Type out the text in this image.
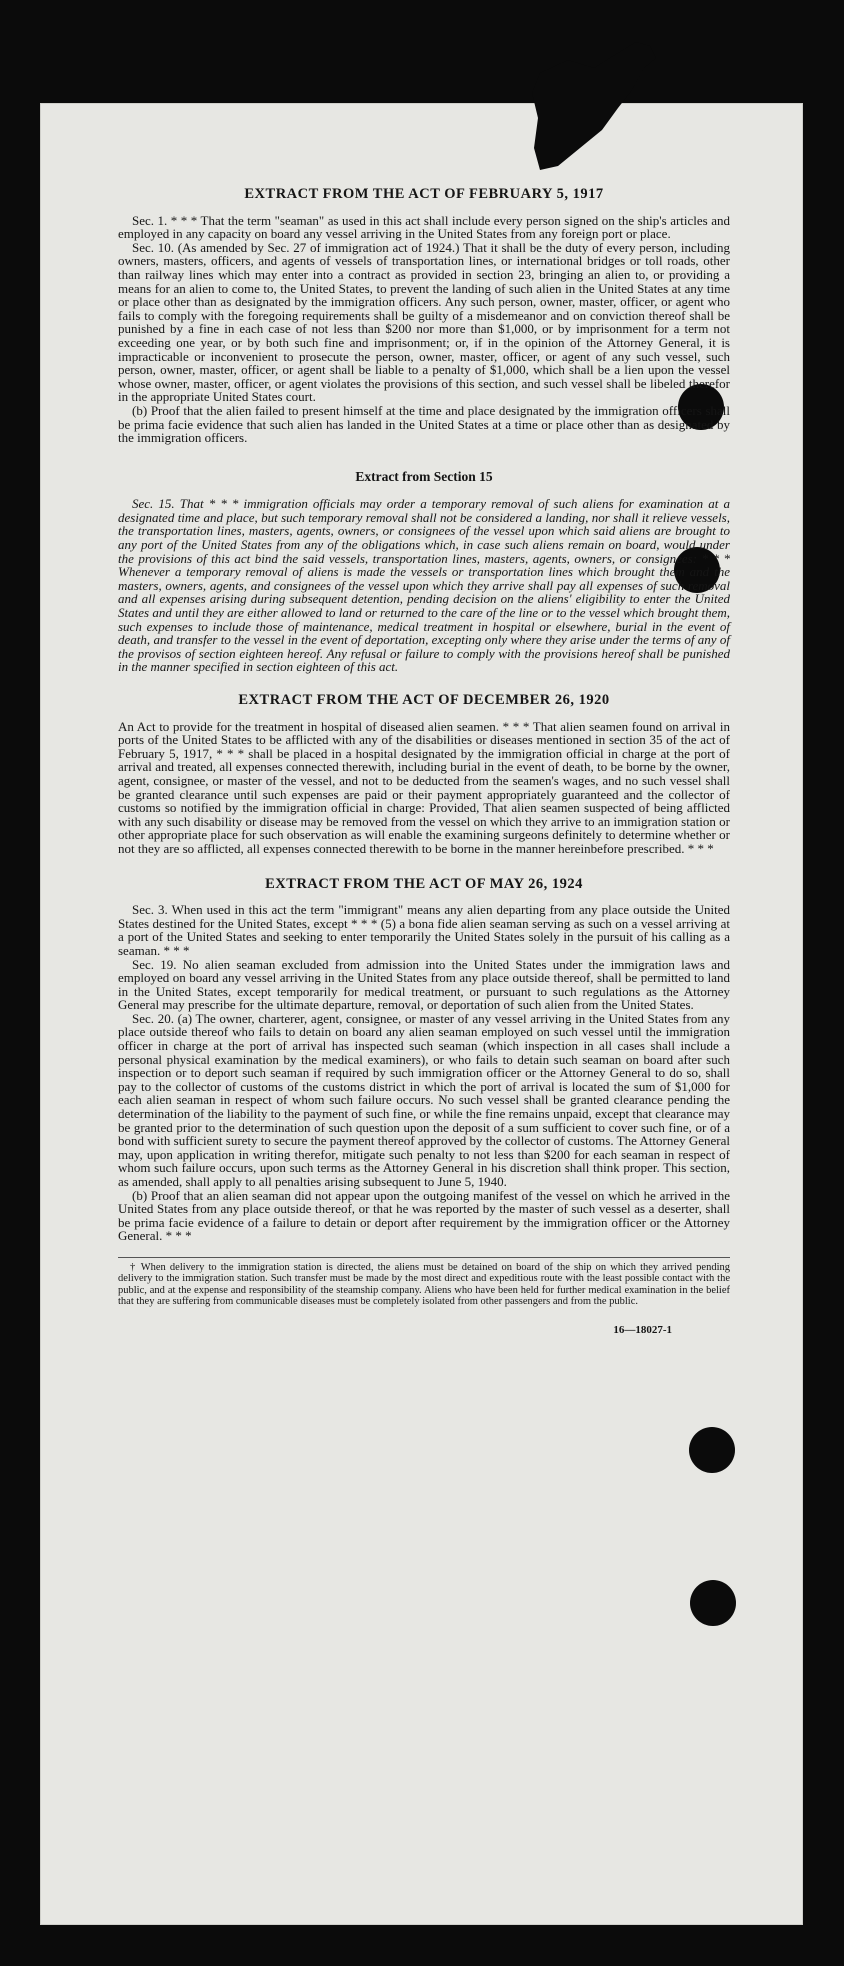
EXTRACT FROM THE ACT OF FEBRUARY 5, 1917

Sec. 1. * * * That the term "seaman" as used in this act shall include every person signed on the ship's articles and employed in any capacity on board any vessel arriving in the United States from any foreign port or place.

Sec. 10. (As amended by Sec. 27 of immigration act of 1924.) That it shall be the duty of every person, including owners, masters, officers, and agents of vessels of transportation lines, or international bridges or toll roads, other than railway lines which may enter into a contract as provided in section 23, bringing an alien to, or providing a means for an alien to come to, the United States, to prevent the landing of such alien in the United States at any time or place other than as designated by the immigration officers. Any such person, owner, master, officer, or agent who fails to comply with the foregoing requirements shall be guilty of a misdemeanor and on conviction thereof shall be punished by a fine in each case of not less than $200 nor more than $1,000, or by imprisonment for a term not exceeding one year, or by both such fine and imprisonment; or, if in the opinion of the Attorney General, it is impracticable or inconvenient to prosecute the person, owner, master, officer, or agent of any such vessel, such person, owner, master, officer, or agent shall be liable to a penalty of $1,000, which shall be a lien upon the vessel whose owner, master, officer, or agent violates the provisions of this section, and such vessel shall be libeled therefor in the appropriate United States court.

(b) Proof that the alien failed to present himself at the time and place designated by the immigration officers shall be prima facie evidence that such alien has landed in the United States at a time or place other than as designated by the immigration officers.

Extract from Section 15

Sec. 15. That * * * immigration officials may order a temporary removal of such aliens for examination at a designated time and place, but such temporary removal shall not be considered a landing, nor shall it relieve vessels, the transportation lines, masters, agents, owners, or consignees of the vessel upon which said aliens are brought to any port of the United States from any of the obligations which, in case such aliens remain on board, would under the provisions of this act bind the said vessels, transportation lines, masters, agents, owners, or consignees: * * * Whenever a temporary removal of aliens is made the vessels or transportation lines which brought them and the masters, owners, agents, and consignees of the vessel upon which they arrive shall pay all expenses of such removal and all expenses arising during subsequent detention, pending decision on the aliens' eligibility to enter the United States and until they are either allowed to land or returned to the care of the line or to the vessel which brought them, such expenses to include those of maintenance, medical treatment in hospital or elsewhere, burial in the event of death, and transfer to the vessel in the event of deportation, excepting only where they arise under the terms of any of the provisos of section eighteen hereof. Any refusal or failure to comply with the provisions hereof shall be punished in the manner specified in section eighteen of this act.

EXTRACT FROM THE ACT OF DECEMBER 26, 1920

An Act to provide for the treatment in hospital of diseased alien seamen. * * * That alien seamen found on arrival in ports of the United States to be afflicted with any of the disabilities or diseases mentioned in section 35 of the act of February 5, 1917, * * * shall be placed in a hospital designated by the immigration official in charge at the port of arrival and treated, all expenses connected therewith, including burial in the event of death, to be borne by the owner, agent, consignee, or master of the vessel, and not to be deducted from the seamen's wages, and no such vessel shall be granted clearance until such expenses are paid or their payment appropriately guaranteed and the collector of customs so notified by the immigration official in charge: Provided, That alien seamen suspected of being afflicted with any such disability or disease may be removed from the vessel on which they arrive to an immigration station or other appropriate place for such observation as will enable the examining surgeons definitely to determine whether or not they are so afflicted, all expenses connected therewith to be borne in the manner hereinbefore prescribed. * * *

EXTRACT FROM THE ACT OF MAY 26, 1924

Sec. 3. When used in this act the term "immigrant" means any alien departing from any place outside the United States destined for the United States, except * * * (5) a bona fide alien seaman serving as such on a vessel arriving at a port of the United States and seeking to enter temporarily the United States solely in the pursuit of his calling as a seaman. * * *

Sec. 19. No alien seaman excluded from admission into the United States under the immigration laws and employed on board any vessel arriving in the United States from any place outside thereof, shall be permitted to land in the United States, except temporarily for medical treatment, or pursuant to such regulations as the Attorney General may prescribe for the ultimate departure, removal, or deportation of such alien from the United States.

Sec. 20. (a) The owner, charterer, agent, consignee, or master of any vessel arriving in the United States from any place outside thereof who fails to detain on board any alien seaman employed on such vessel until the immigration officer in charge at the port of arrival has inspected such seaman (which inspection in all cases shall include a personal physical examination by the medical examiners), or who fails to detain such seaman on board after such inspection or to deport such seaman if required by such immigration officer or the Attorney General to do so, shall pay to the collector of customs of the customs district in which the port of arrival is located the sum of $1,000 for each alien seaman in respect of whom such failure occurs. No such vessel shall be granted clearance pending the determination of the liability to the payment of such fine, or while the fine remains unpaid, except that clearance may be granted prior to the determination of such question upon the deposit of a sum sufficient to cover such fine, or of a bond with sufficient surety to secure the payment thereof approved by the collector of customs. The Attorney General may, upon application in writing therefor, mitigate such penalty to not less than $200 for each seaman in respect of whom such failure occurs, upon such terms as the Attorney General in his discretion shall think proper. This section, as amended, shall apply to all penalties arising subsequent to June 5, 1940.

(b) Proof that an alien seaman did not appear upon the outgoing manifest of the vessel on which he arrived in the United States from any place outside thereof, or that he was reported by the master of such vessel as a deserter, shall be prima facie evidence of a failure to detain or deport after requirement by the immigration officer or the Attorney General. * * *

† When delivery to the immigration station is directed, the aliens must be detained on board of the ship on which they arrived pending delivery to the immigration station. Such transfer must be made by the most direct and expeditious route with the least possible contact with the public, and at the expense and responsibility of the steamship company. Aliens who have been held for further medical examination in the belief that they are suffering from communicable diseases must be completely isolated from other passengers and from the public.

16—18027-1
